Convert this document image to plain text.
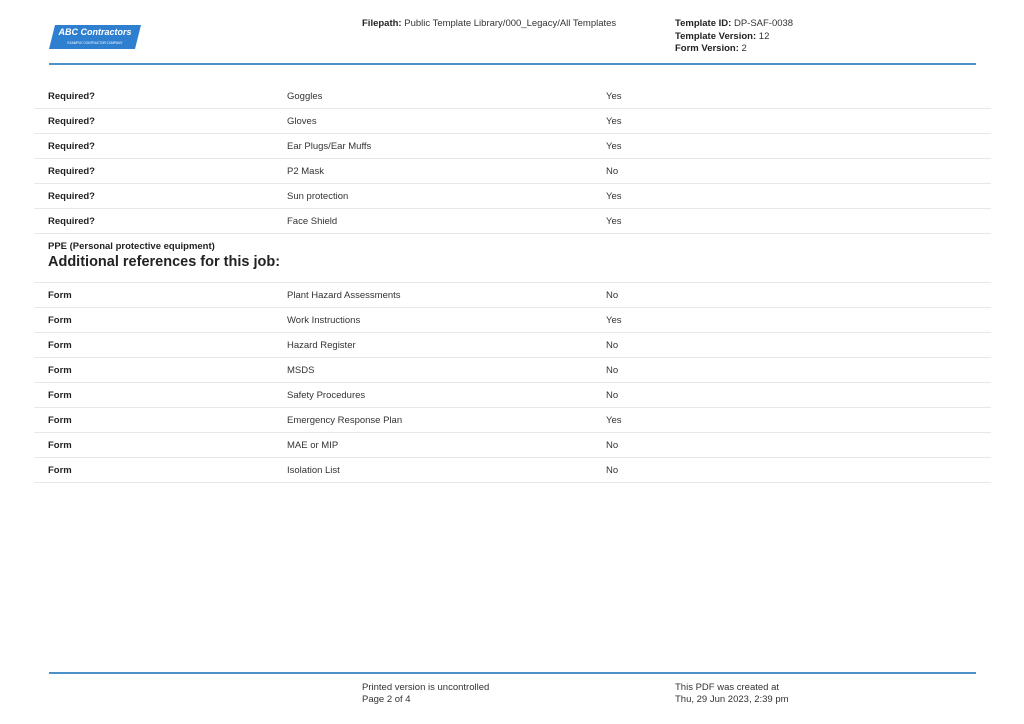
ABC Contractors
EXAMPLE CONTRACTOR COMPANY
Filepath: Public Template Library/000_Legacy/All Templates	Template ID: DP-SAF-0038
Template Version: 12
Form Version: 2
Required?	Goggles	Yes
Required?	Gloves	Yes
Required?	Ear Plugs/Ear Muffs	Yes
Required?	P2 Mask	No
Required?	Sun protection	Yes
Required?	Face Shield	Yes
PPE (Personal protective equipment)
Additional references for this job:
Form	Plant Hazard Assessments	No
Form	Work Instructions	Yes
Form	Hazard Register	No
Form	MSDS	No
Form	Safety Procedures	No
Form	Emergency Response Plan	Yes
Form	MAE or MIP	No
Form	Isolation List	No
Printed version is uncontrolled
Page 2 of 4
This PDF was created at
Thu, 29 Jun 2023, 2:39 pm
